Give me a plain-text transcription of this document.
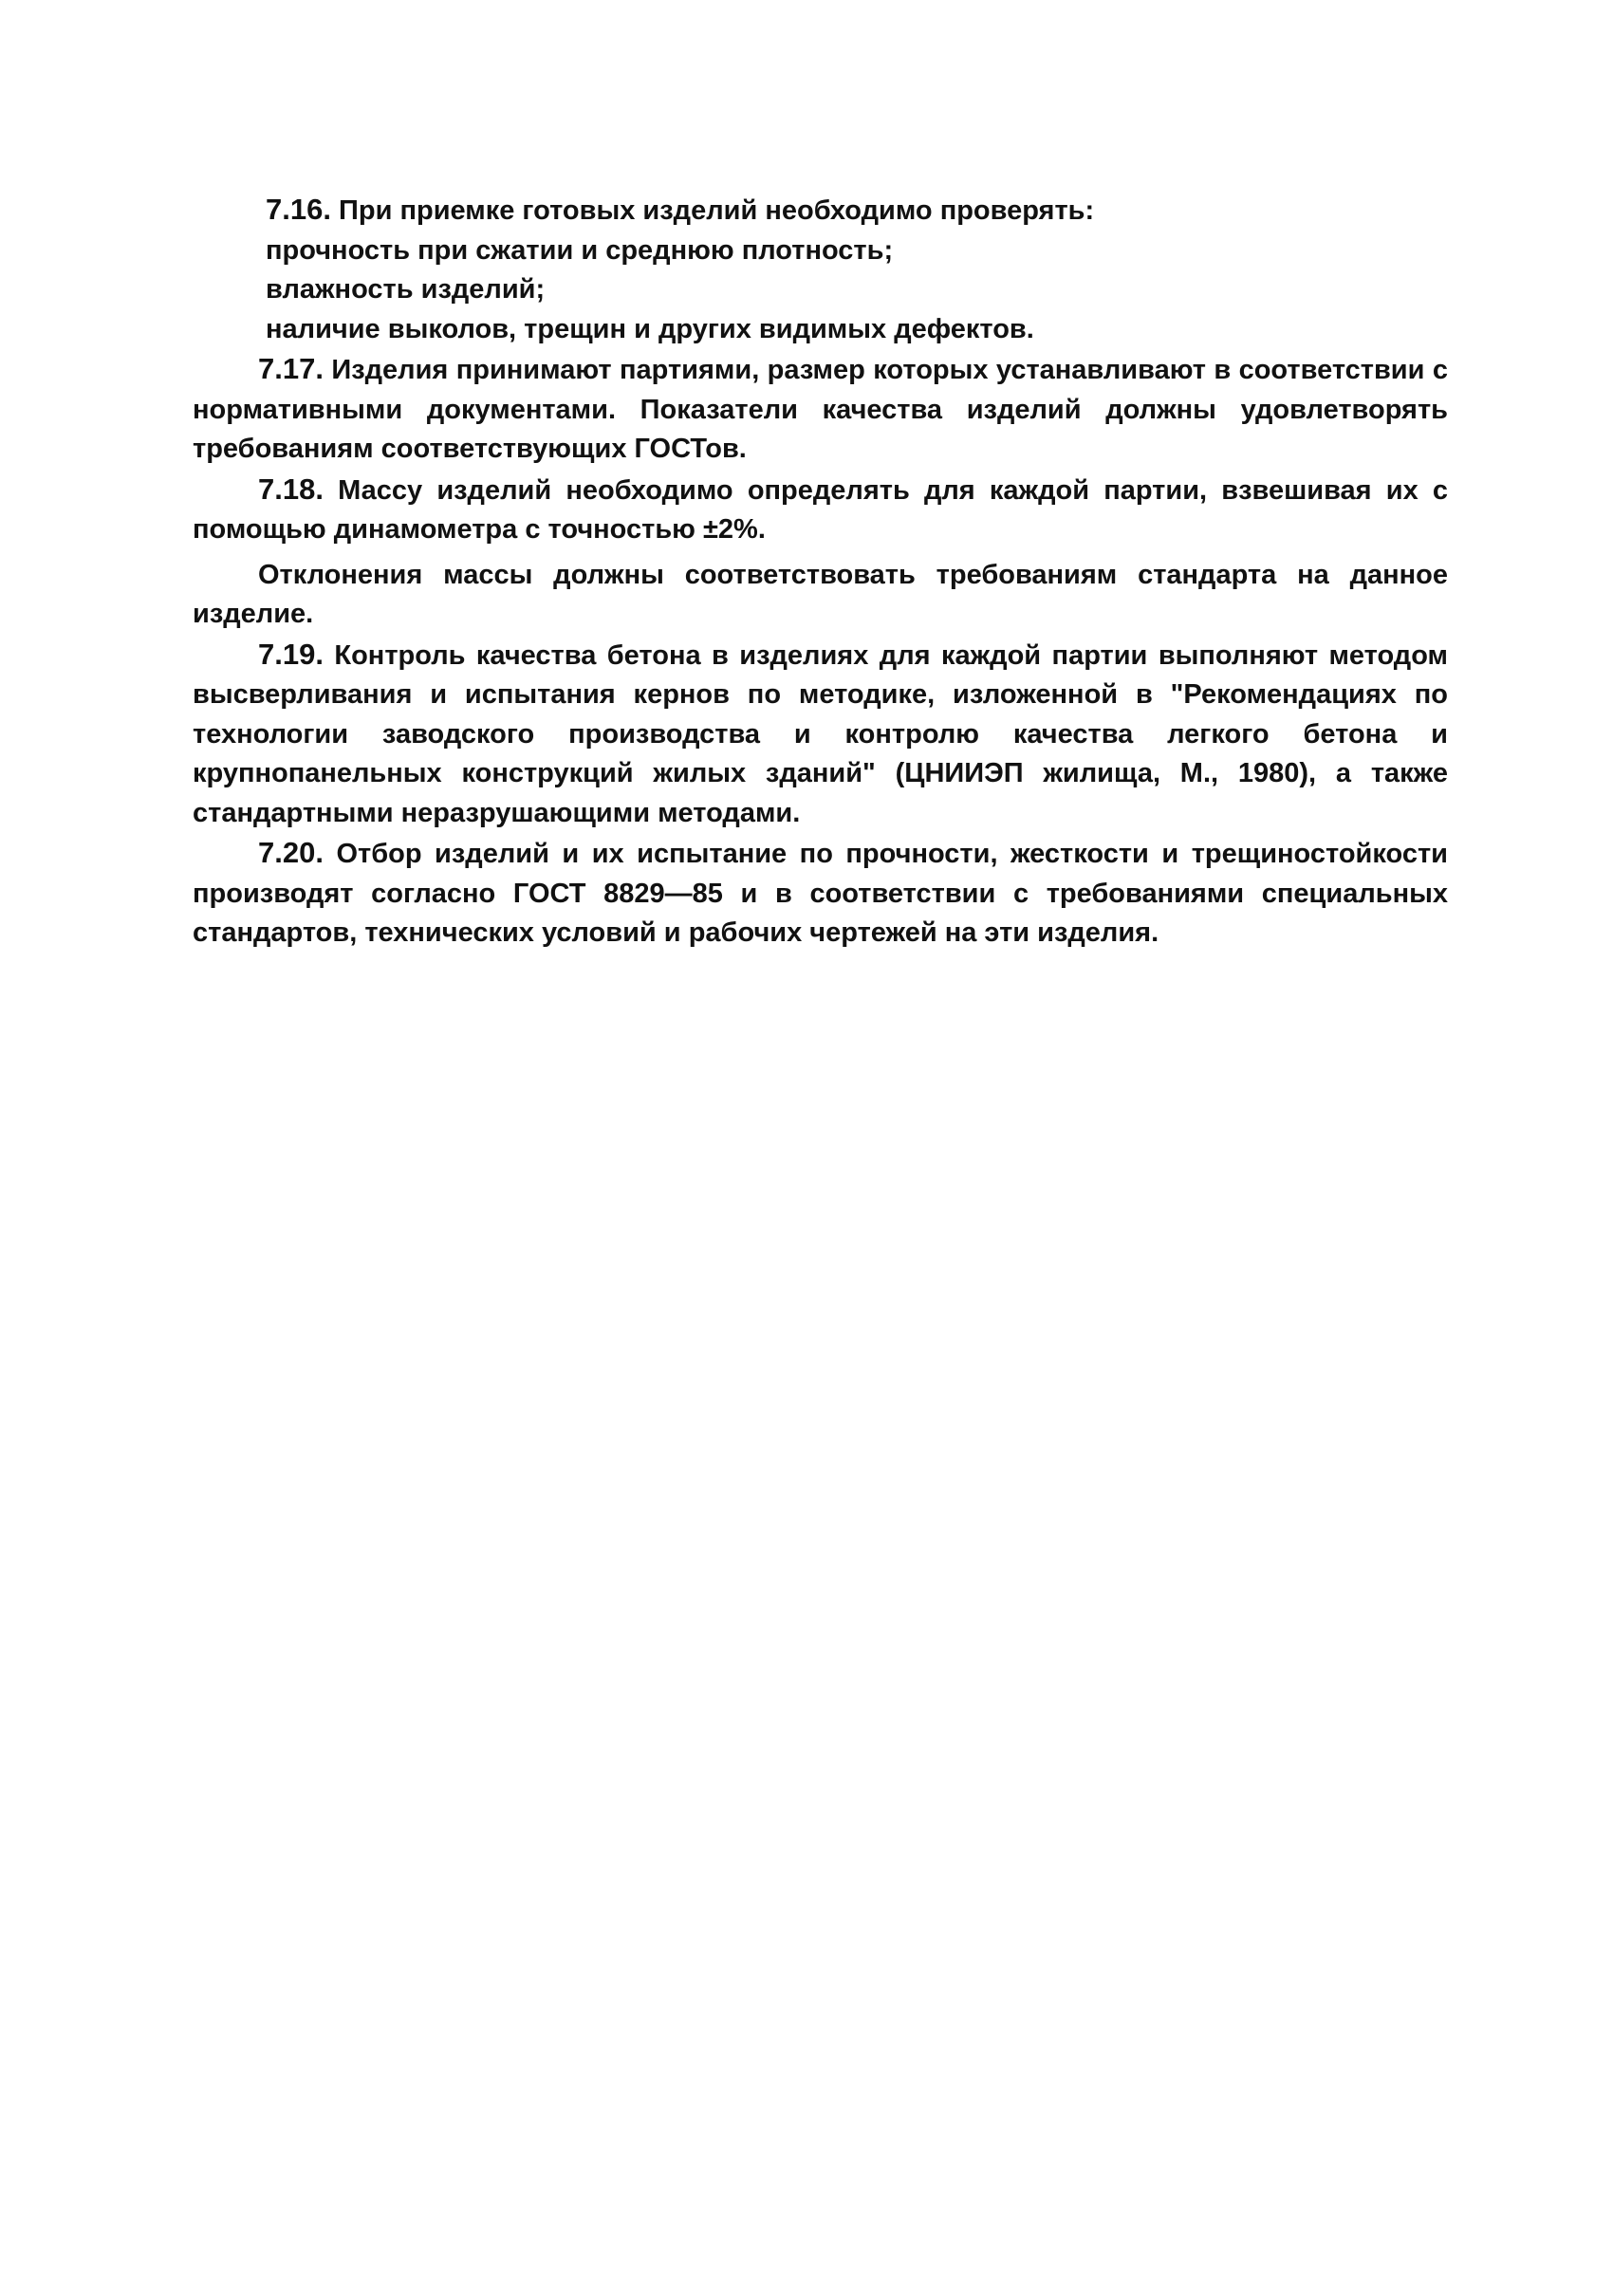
7.16. При приемке готовых изделий необходимо проверять:

прочность при сжатии и среднюю плотность;

влажность изделий;

наличие выколов, трещин и других видимых дефектов.

7.17. Изделия принимают партиями, размер которых устанавливают в соответствии с нормативными документами. Показатели качества изделий должны удовлетворять требованиям соответствующих ГОСТов.

7.18. Массу изделий необходимо определять для каждой партии, взвешивая их с помощью динамометра с точностью ±2%.

Отклонения массы должны соответствовать требованиям стандарта на данное изделие.

7.19. Контроль качества бетона в изделиях для каждой партии выполняют методом высверливания и испытания кернов по методике, изложенной в "Рекомендациях по технологии заводского производства и контролю качества легкого бетона и крупнопанельных конструкций жилых зданий" (ЦНИИЭП жилища, М., 1980), а также стандартными неразрушающими методами.

7.20. Отбор изделий и их испытание по прочности, жесткости и трещиностойкости производят согласно ГОСТ 8829—85 и в соответствии с требованиями специальных стандартов, технических условий и рабочих чертежей на эти изделия.
